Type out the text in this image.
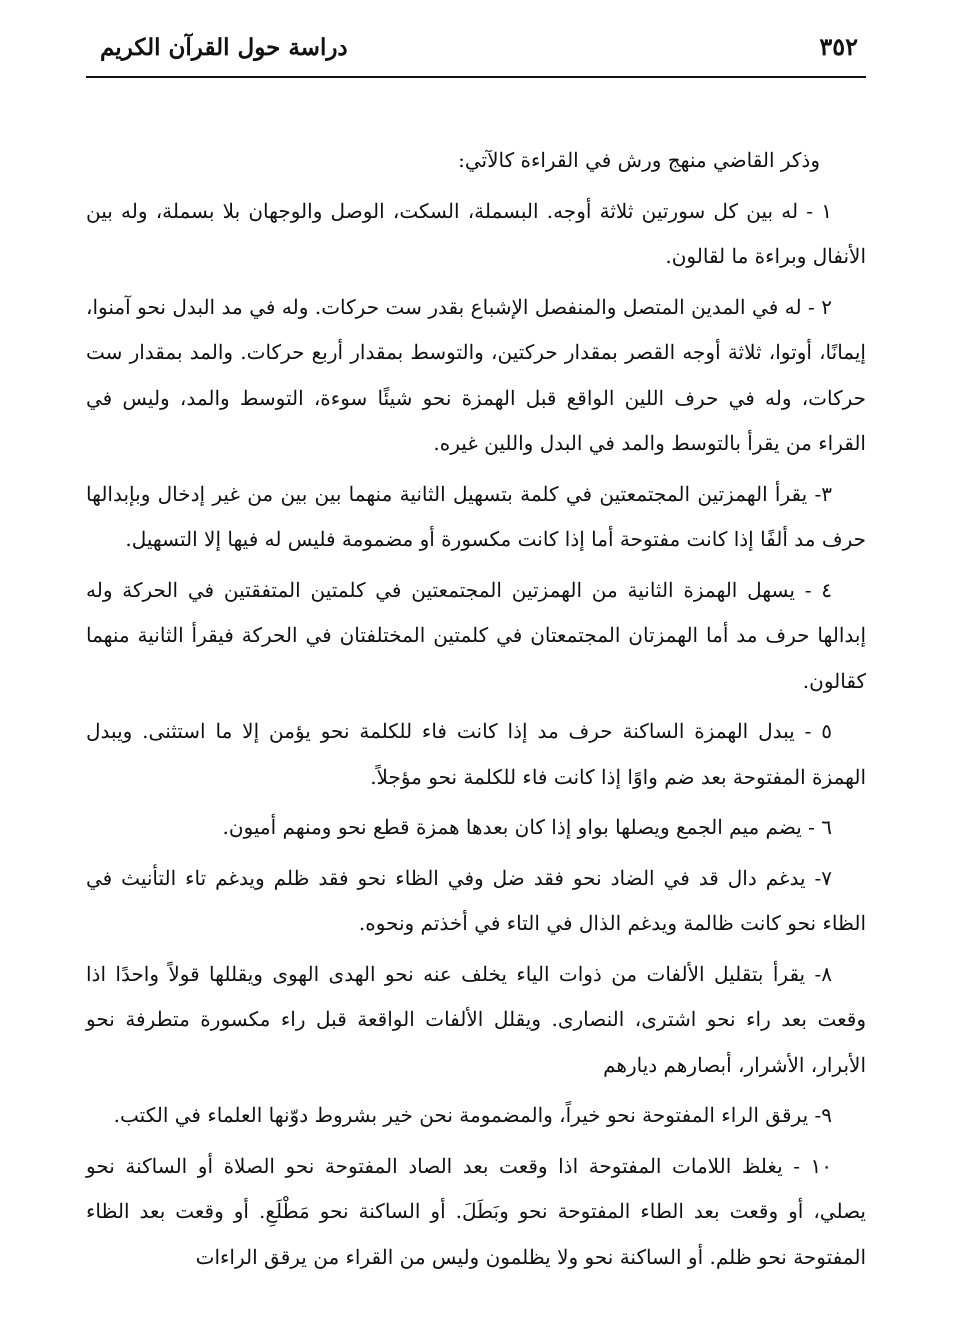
٣٥٢
دراسة حول القرآن الكريم

وذكر القاضي منهج ورش في القراءة كالآتي:

١ - له بين كل سورتين ثلاثة أوجه. البسملة، السكت، الوصل والوجهان بلا بسملة، وله بين الأنفال وبراءة ما لقالون.

٢ - له في المدين المتصل والمنفصل الإشباع بقدر ست حركات. وله في مد البدل نحو آمنوا، إيمانًا، أوتوا، ثلاثة أوجه القصر بمقدار حركتين، والتوسط بمقدار أربع حركات. والمد بمقدار ست حركات، وله في حرف اللين الواقع قبل الهمزة نحو شيئًا سوءة، التوسط والمد، وليس في القراء من يقرأ بالتوسط والمد في البدل واللين غيره.

٣- يقرأ الهمزتين المجتمعتين في كلمة بتسهيل الثانية منهما بين بين من غير إدخال وبإبدالها حرف مد ألفًا إذا كانت مفتوحة أما إذا كانت مكسورة أو مضمومة فليس له فيها إلا التسهيل.

٤ - يسهل الهمزة الثانية من الهمزتين المجتمعتين في كلمتين المتفقتين في الحركة وله إبدالها حرف مد أما الهمزتان المجتمعتان في كلمتين المختلفتان في الحركة فيقرأ الثانية منهما كقالون.

٥ - يبدل الهمزة الساكنة حرف مد إذا كانت فاء للكلمة نحو يؤمن إلا ما استثنى. ويبدل الهمزة المفتوحة بعد ضم واوًا إذا كانت فاء للكلمة نحو مؤجلاً.

٦ - يضم ميم الجمع ويصلها بواو إذا كان بعدها همزة قطع نحو ومنهم أميون.

٧- يدغم دال قد في الضاد نحو فقد ضل وفي الظاء نحو فقد ظلم ويدغم تاء التأنيث في الظاء نحو كانت ظالمة ويدغم الذال في التاء في أخذتم ونحوه.

٨- يقرأ بتقليل الألفات من ذوات الياء يخلف عنه نحو الهدى الهوى ويقللها قولاً واحدًا اذا وقعت بعد راء نحو اشترى، النصارى. ويقلل الألفات الواقعة قبل راء مكسورة متطرفة نحو الأبرار، الأشرار، أبصارهم ديارهم

٩- يرقق الراء المفتوحة نحو خيراً، والمضمومة نحن خير بشروط دوّنها العلماء في الكتب.

١٠ - يغلظ اللامات المفتوحة اذا وقعت بعد الصاد المفتوحة نحو الصلاة أو الساكنة نحو يصلي، أو وقعت بعد الطاء المفتوحة نحو وبَطَلَ. أو الساكنة نحو مَطْلَعِ. أو وقعت بعد الظاء المفتوحة نحو ظلم. أو الساكنة نحو ولا يظلمون وليس من القراء من يرقق الراءات
